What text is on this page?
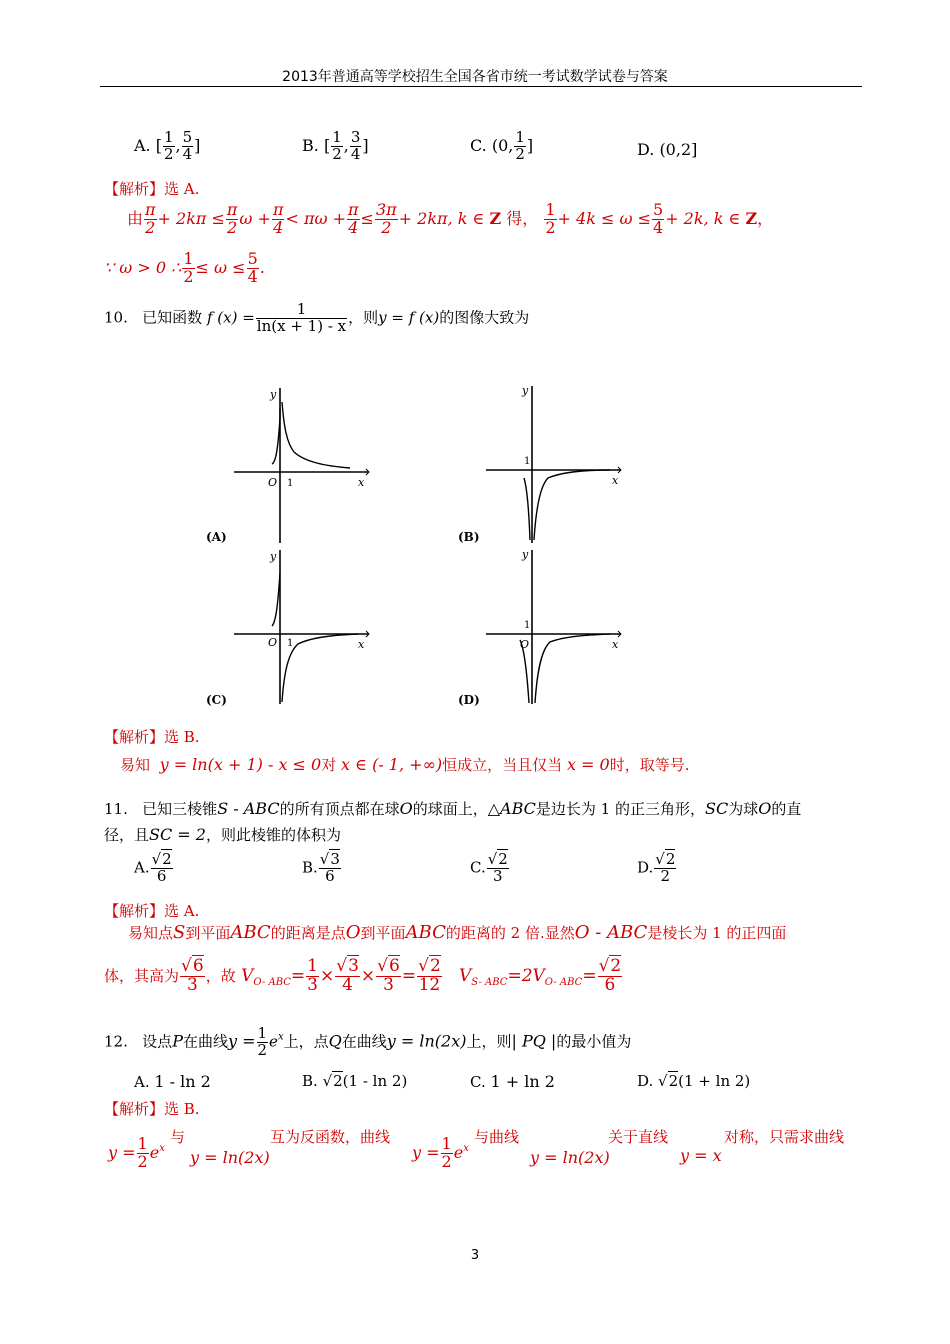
2013年普通高等学校招生全国各省市统一考试数学试卷与答案
A. [ $\frac{1}{2}$ , $\frac{5}{4}$ ]	B. [ $\frac{1}{2}$ , $\frac{3}{4}$ ]	C. (0, $\frac{1}{2}$ ]	D. (0,2]
【解析】选 A.
由 $\frac{\pi}{2} + 2k\pi \le \frac{\pi}{2}$ $\omega + \frac{\pi}{4} < \pi\omega + \frac{\pi}{4} \le \frac{3\pi}{2} + 2k\pi$, k ∈ Z 得， $\frac{1}{2} + 4k \le \omega \le \frac{5}{4} + 2k$, k ∈ Z，
∵ ω > 0 ∴ $\frac{1}{2} \le \omega \le \frac{5}{4}$ .
10. 已知函数 f $(x) = \frac{1}{\ln(x + 1) - x}$ ，则y = f (x)的图像大致为
y
x
O 1
(A)
y
x
1
(B)
y
x
O 1
(C)
y
x
O
1
(D)
【解析】选 B.
易知 y = ln(x + 1) - x ≤ 0对 x ∈ (- 1, +∞)恒成立，当且仅当 x = 0时，取等号.
11. 已知三棱锥S - ABC的所有顶点都在球O的球面上，△ABC是边长为 1 的正三角形，SC为球O的直
径，且SC = 2，则此棱锥的体积为
A. $\frac{√2}{6}$	B. $\frac{√3}{6}$	C. $\frac{√2}{3}$	D. $\frac{√2}{2}$
【解析】选 A.
易知点S到平面ABC的距离是点O到平面ABC的距离的 2 倍.显然O - ABC是棱长为 1 的正四面
体，其高为 $\frac{√6}{3}$ ，故 $V_{O- ABC}= \frac{1}{3} \times \frac{√3}{4} \times \frac{√6}{3} = \frac{√2}{12} V_{S- ABC}=2V_{O- ABC}= \frac{√2}{6}$
12. 设点P在曲线$y = \frac{1}{2} e^x$上，点Q在曲线y = ln(2x)上，则| PQ |的最小值为
A. 1 - ln 2	B. √2(1 - ln 2)	C. 1 + ln 2	D. √2(1 + ln 2)
【解析】选 B.
与	互为反函数，曲线	与曲线	关于直线	对称，只需求曲线
$y = \frac{1}{2} e^x$ y = ln(2x)	$y = \frac{1}{2} e^x$	y = ln(2x)	y = x
3
